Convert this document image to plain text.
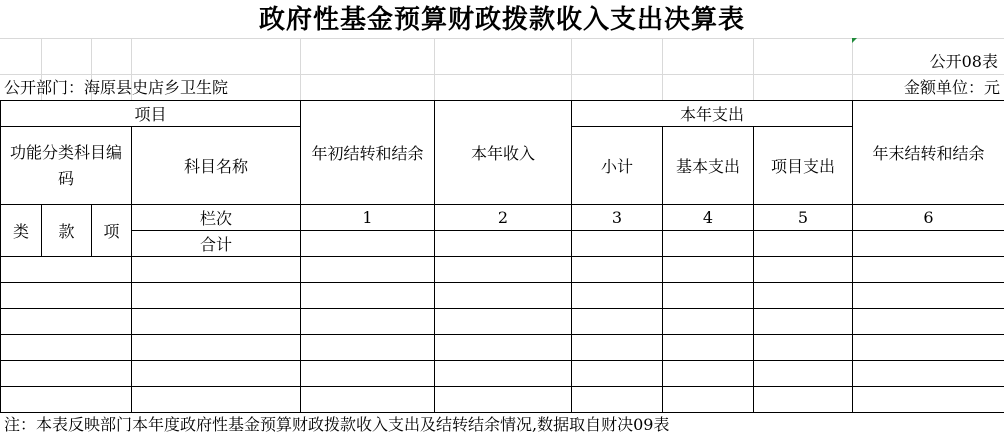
政府性基金预算财政拨款收入支出决算表
公开08表
公开部门：海原县史店乡卫生院	金额单位：元
项目				年初结转和结余	本年收入	本年支出			年末结转和结余
功能分类科目编码			科目名称			小计	基本支出	项目支出	
类	款	项	栏次	1	2	3	4	5	6
			合计						

注：本表反映部门本年度政府性基金预算财政拨款收入支出及结转结余情况,数据取自财决09表
